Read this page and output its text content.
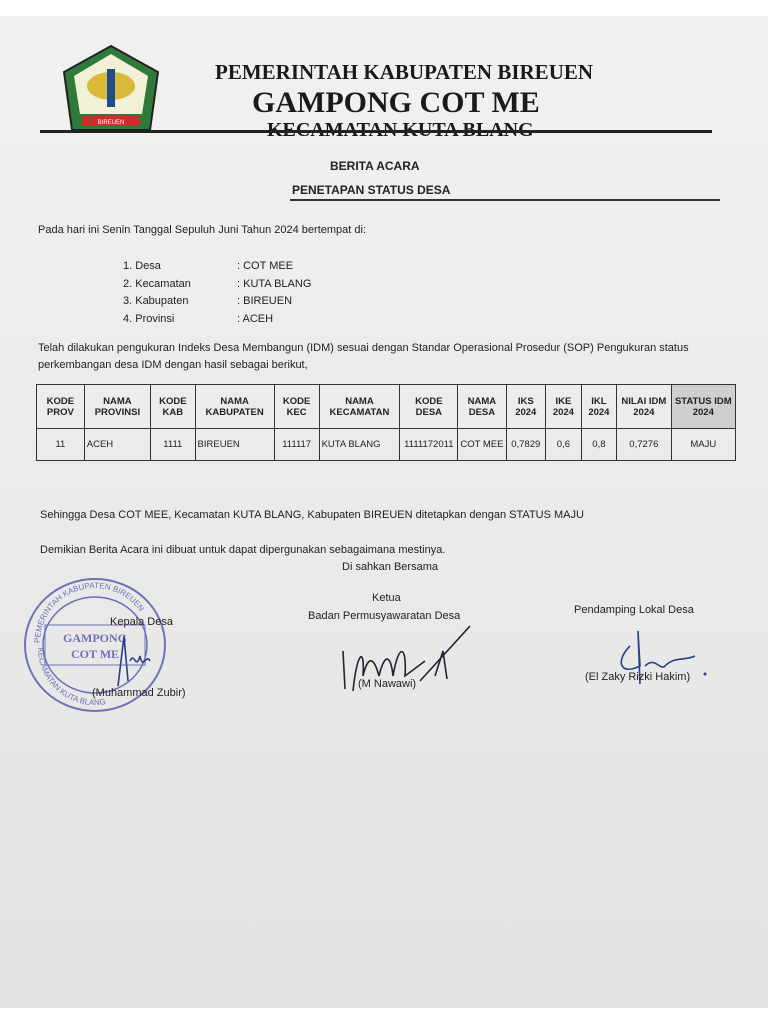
BIREUEN
PEMERINTAH KABUPATEN BIREUEN
GAMPONG COT ME
BERITA ACARA
PENETAPAN STATUS DESA
Pada hari ini Senin Tanggal Sepuluh Juni Tahun 2024 bertempat di:
1. Desa	: COT MEE
2. Kecamatan	: KUTA BLANG
3. Kabupaten	: BIREUEN
4. Provinsi	: ACEH
Telah dilakukan pengukuran Indeks Desa Membangun (IDM) sesuai dengan Standar Operasional Prosedur (SOP) Pengukuran status
perkembangan desa IDM dengan hasil sebagai berikut,
KODE PROV	NAMA PROVINSI	KODE KAB	NAMA KABUPATEN	KODE KEC	NAMA KECAMATAN	KODE DESA	NAMA DESA	IKS 2024	IKE 2024	IKL 2024	NILAI IDM 2024	STATUS IDM 2024
11	ACEH	1111	BIREUEN	111117	KUTA BLANG	1111172011	COT MEE	0,7829	0,6	0,8	0,7276	MAJU
Sehingga Desa COT MEE, Kecamatan KUTA BLANG, Kabupaten BIREUEN ditetapkan dengan STATUS MAJU
Demikian Berita Acara ini dibuat untuk dapat dipergunakan sebagaimana mestinya.
Di sahkan Bersama
PEMERINTAH KABUPATEN BIREUEN
KECAMATAN KUTA BLANG
GAMPONG
COT ME
Kepala Desa
(Muhammad Zubir)
Ketua
Badan Permusyawaratan Desa
(M Nawawi)
Pendamping Lokal Desa
(El Zaky Rizki Hakim)
